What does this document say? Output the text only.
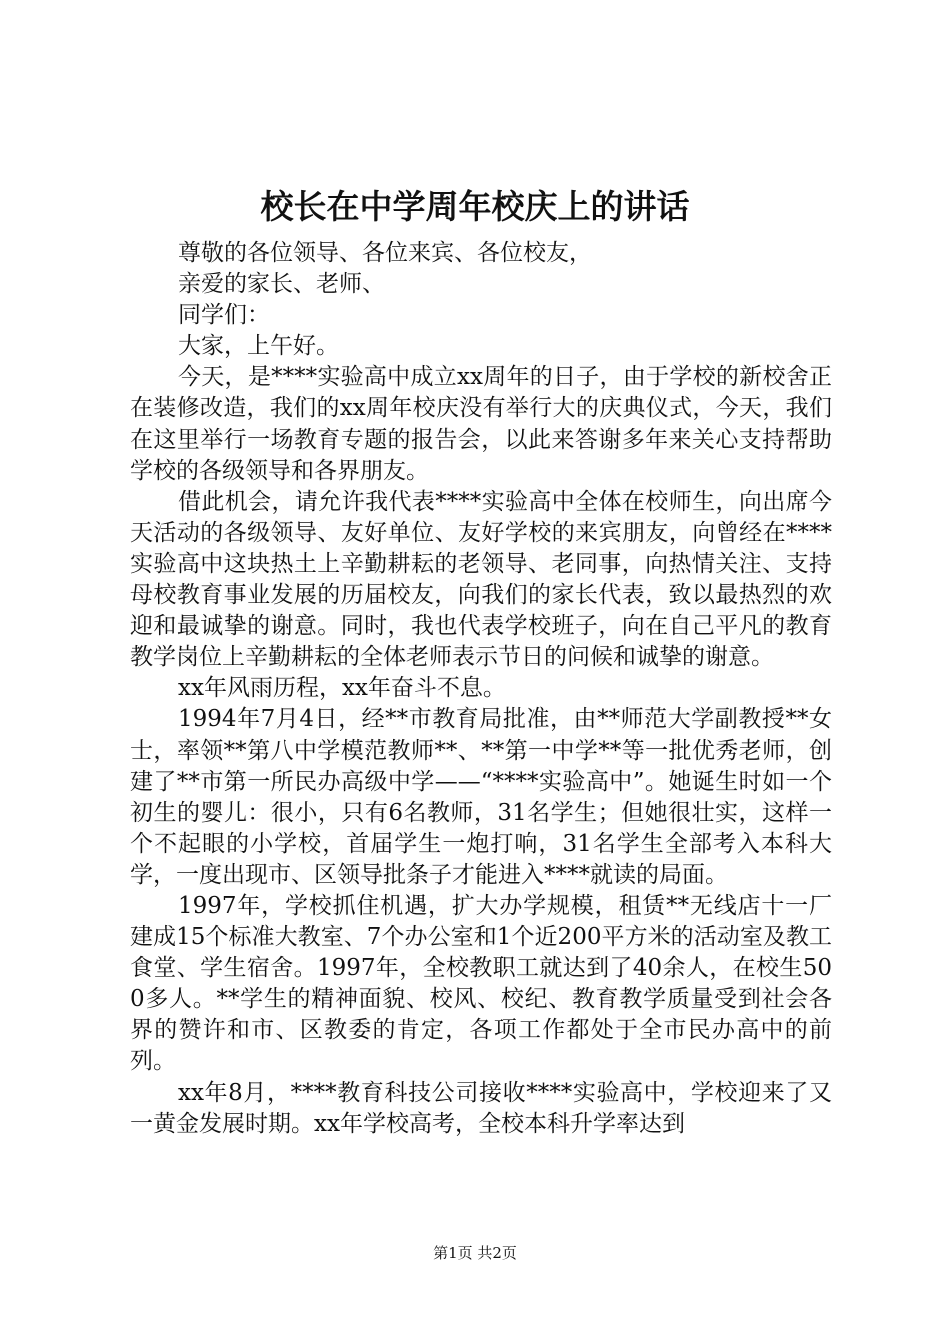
校长在中学周年校庆上的讲话

尊敬的各位领导、各位来宾、各位校友，

亲爱的家长、老师、

同学们：

大家，上午好。

今天，是****实验高中成立xx周年的日子，由于学校的新校舍正在装修改造，我们的xx周年校庆没有举行大的庆典仪式，今天，我们在这里举行一场教育专题的报告会，以此来答谢多年来关心支持帮助学校的各级领导和各界朋友。

借此机会，请允许我代表****实验高中全体在校师生，向出席今天活动的各级领导、友好单位、友好学校的来宾朋友，向曾经在****实验高中这块热土上辛勤耕耘的老领导、老同事，向热情关注、支持母校教育事业发展的历届校友，向我们的家长代表，致以最热烈的欢迎和最诚挚的谢意。同时，我也代表学校班子，向在自己平凡的教育教学岗位上辛勤耕耘的全体老师表示节日的问候和诚挚的谢意。

xx年风雨历程，xx年奋斗不息。

1994年7月4日，经**市教育局批准，由**师范大学副教授**女士，率领**第八中学模范教师**、**第一中学**等一批优秀老师，创建了**市第一所民办高级中学——“****实验高中”。她诞生时如一个初生的婴儿：很小，只有6名教师，31名学生；但她很壮实，这样一个不起眼的小学校，首届学生一炮打响，31名学生全部考入本科大学，一度出现市、区领导批条子才能进入****就读的局面。

1997年，学校抓住机遇，扩大办学规模，租赁**无线店十一厂建成15个标准大教室、7个办公室和1个近200平方米的活动室及教工食堂、学生宿舍。1997年，全校教职工就达到了40余人，在校生500多人。**学生的精神面貌、校风、校纪、教育教学质量受到社会各界的赞许和市、区教委的肯定，各项工作都处于全市民办高中的前列。

xx年8月，****教育科技公司接收****实验高中，学校迎来了又一黄金发展时期。xx年学校高考，全校本科升学率达到

第1页 共2页
